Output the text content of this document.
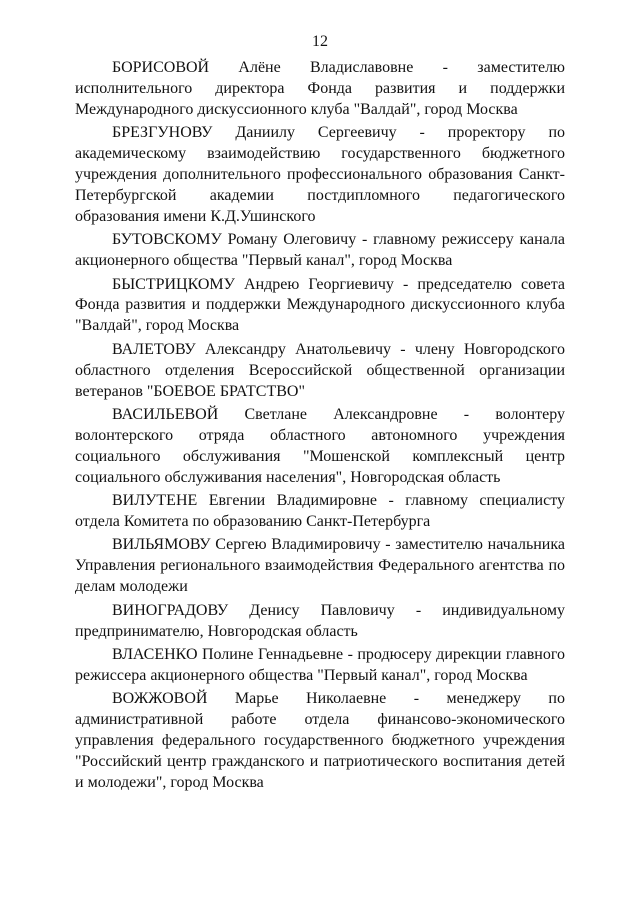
12

БОРИСОВОЙ Алёне Владиславовне - заместителю исполнительного директора Фонда развития и поддержки Международного дискуссионного клуба "Валдай", город Москва

БРЕЗГУНОВУ Даниилу Сергеевичу - проректору по академическому взаимодействию государственного бюджетного учреждения дополнительного профессионального образования Санкт-Петербургской академии постдипломного педагогического образования имени К.Д.Ушинского

БУТОВСКОМУ Роману Олеговичу - главному режиссеру канала акционерного общества "Первый канал", город Москва

БЫСТРИЦКОМУ Андрею Георгиевичу - председателю совета Фонда развития и поддержки Международного дискуссионного клуба "Валдай", город Москва

ВАЛЕТОВУ Александру Анатольевичу - члену Новгородского областного отделения Всероссийской общественной организации ветеранов "БОЕВОЕ БРАТСТВО"

ВАСИЛЬЕВОЙ Светлане Александровне - волонтеру волонтерского отряда областного автономного учреждения социального обслуживания "Мошенской комплексный центр социального обслуживания населения", Новгородская область

ВИЛУТЕНЕ Евгении Владимировне - главному специалисту отдела Комитета по образованию Санкт-Петербурга

ВИЛЬЯМОВУ Сергею Владимировичу - заместителю начальника Управления регионального взаимодействия Федерального агентства по делам молодежи

ВИНОГРАДОВУ Денису Павловичу - индивидуальному предпринимателю, Новгородская область

ВЛАСЕНКО Полине Геннадьевне - продюсеру дирекции главного режиссера акционерного общества "Первый канал", город Москва

ВОЖЖОВОЙ Марье Николаевне - менеджеру по административной работе отдела финансово-экономического управления федерального государственного бюджетного учреждения "Российский центр гражданского и патриотического воспитания детей и молодежи", город Москва
